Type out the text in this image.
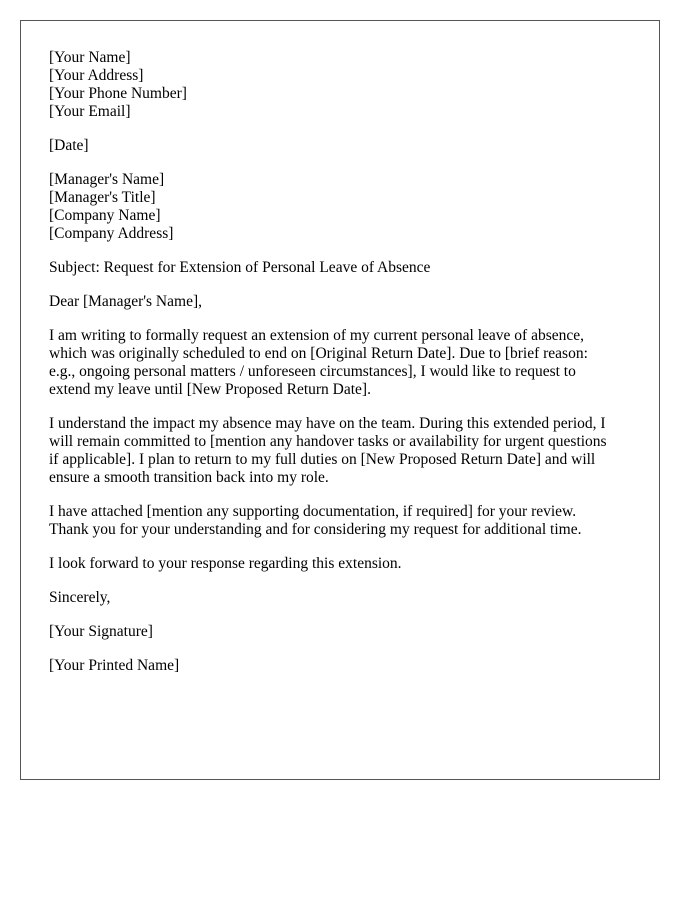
[Your Name]
[Your Address]
[Your Phone Number]
[Your Email]
[Date]
[Manager's Name]
[Manager's Title]
[Company Name]
[Company Address]

Subject: Request for Extension of Personal Leave of Absence

Dear [Manager's Name],

I am writing to formally request an extension of my current personal leave of absence,
which was originally scheduled to end on [Original Return Date]. Due to [brief reason:
e.g., ongoing personal matters / unforeseen circumstances], I would like to request to
extend my leave until [New Proposed Return Date].

I understand the impact my absence may have on the team. During this extended period, I
will remain committed to [mention any handover tasks or availability for urgent questions
if applicable]. I plan to return to my full duties on [New Proposed Return Date] and will
ensure a smooth transition back into my role.

I have attached [mention any supporting documentation, if required] for your review.
Thank you for your understanding and for considering my request for additional time.

I look forward to your response regarding this extension.

Sincerely,

[Your Signature]

[Your Printed Name]
